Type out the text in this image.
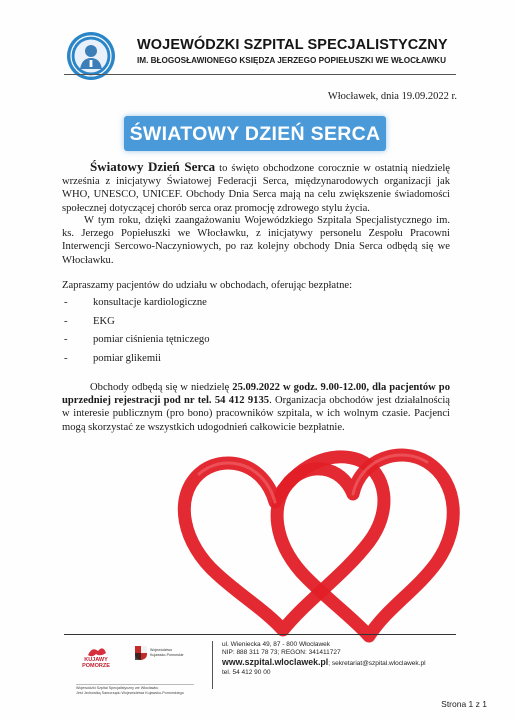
WOJEWÓDZKI SZPITAL SPECJALISTYCZNY
IM. BŁOGOSŁAWIONEGO KSIĘDZA JERZEGO POPIEŁUSZKI WE WŁOCŁAWKU
Włocławek, dnia 19.09.2022 r.
ŚWIATOWY DZIEŃ SERCA

Światowy Dzień Serca to święto obchodzone corocznie w ostatnią niedzielę września z inicjatywy Światowej Federacji Serca, międzynarodowych organizacji jak WHO, UNESCO, UNICEF. Obchody Dnia Serca mają na celu zwiększenie świadomości społecznej dotyczącej chorób serca oraz promocję zdrowego stylu życia.

W tym roku, dzięki zaangażowaniu Wojewódzkiego Szpitala Specjalistycznego im. ks. Jerzego Popiełuszki we Włocławku, z inicjatywy personelu Zespołu Pracowni Interwencji Sercowo-Naczyniowych, po raz kolejny obchody Dnia Serca odbędą się we Włocławku.

Zapraszamy pacjentów do udziału w obchodach, oferując bezpłatne:

- konsultacje kardiologiczne
- EKG
- pomiar ciśnienia tętniczego
- pomiar glikemii

Obchody odbędą się w niedzielę 25.09.2022 w godz. 9.00-12.00, dla pacjentów po uprzedniej rejestracji pod nr tel. 54 412 9135. Organizacja obchodów jest działalnością w interesie publicznym (pro bono) pracowników szpitala, w ich wolnym czasie. Pacjenci mogą skorzystać ze wszystkich udogodnień całkowicie bezpłatnie.

KUJAWY POMORZE
Województwo
Kujawsko-Pomorskie
Wojewódzki Szpital Specjalistyczny we Włocławku
Jest Jednostką Samorządu Województwa Kujawsko-Pomorskiego
ul. Wieniecka 49, 87 - 800 Włocławek
NIP: 888 311 78 73; REGON: 341411727
www.szpital.wloclawek.pl; sekretariat@szpital.wloclawek.pl
tel. 54 412 90 00
Strona 1 z 1
